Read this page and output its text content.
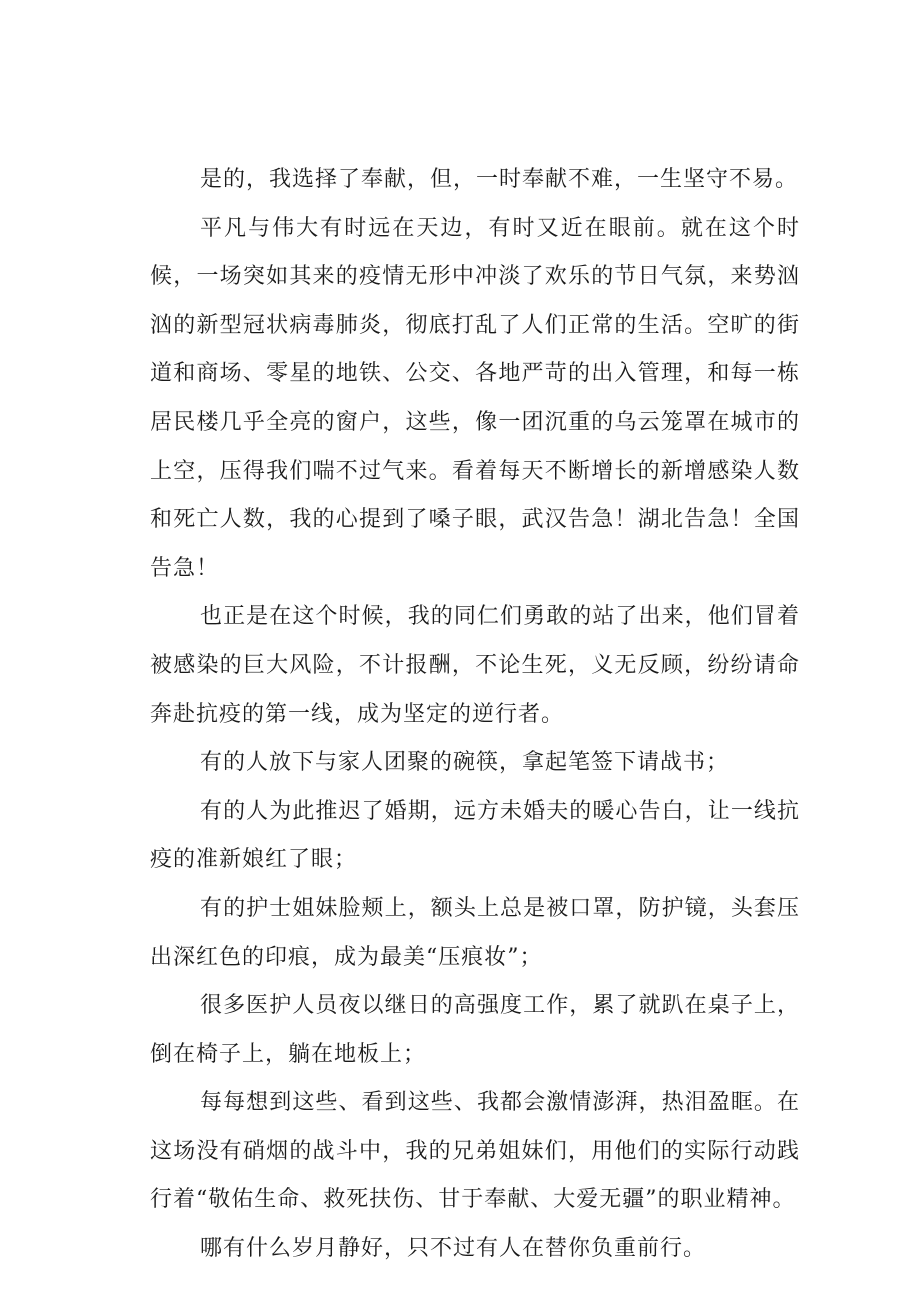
是的，我选择了奉献，但，一时奉献不难，一生坚守不易。

平凡与伟大有时远在天边，有时又近在眼前。就在这个时候，一场突如其来的疫情无形中冲淡了欢乐的节日气氛，来势汹汹的新型冠状病毒肺炎，彻底打乱了人们正常的生活。空旷的街道和商场、零星的地铁、公交、各地严苛的出入管理，和每一栋居民楼几乎全亮的窗户，这些，像一团沉重的乌云笼罩在城市的上空，压得我们喘不过气来。看着每天不断增长的新增感染人数和死亡人数，我的心提到了嗓子眼，武汉告急！湖北告急！全国告急！

也正是在这个时候，我的同仁们勇敢的站了出来，他们冒着被感染的巨大风险，不计报酬，不论生死，义无反顾，纷纷请命奔赴抗疫的第一线，成为坚定的逆行者。

有的人放下与家人团聚的碗筷，拿起笔签下请战书；

有的人为此推迟了婚期，远方未婚夫的暖心告白，让一线抗疫的准新娘红了眼；

有的护士姐妹脸颊上，额头上总是被口罩，防护镜，头套压出深红色的印痕，成为最美“压痕妆”；

很多医护人员夜以继日的高强度工作，累了就趴在桌子上，倒在椅子上，躺在地板上；

每每想到这些、看到这些、我都会激情澎湃，热泪盈眶。在这场没有硝烟的战斗中，我的兄弟姐妹们，用他们的实际行动践行着“敬佑生命、救死扶伤、甘于奉献、大爱无疆”的职业精神。

哪有什么岁月静好，只不过有人在替你负重前行。
